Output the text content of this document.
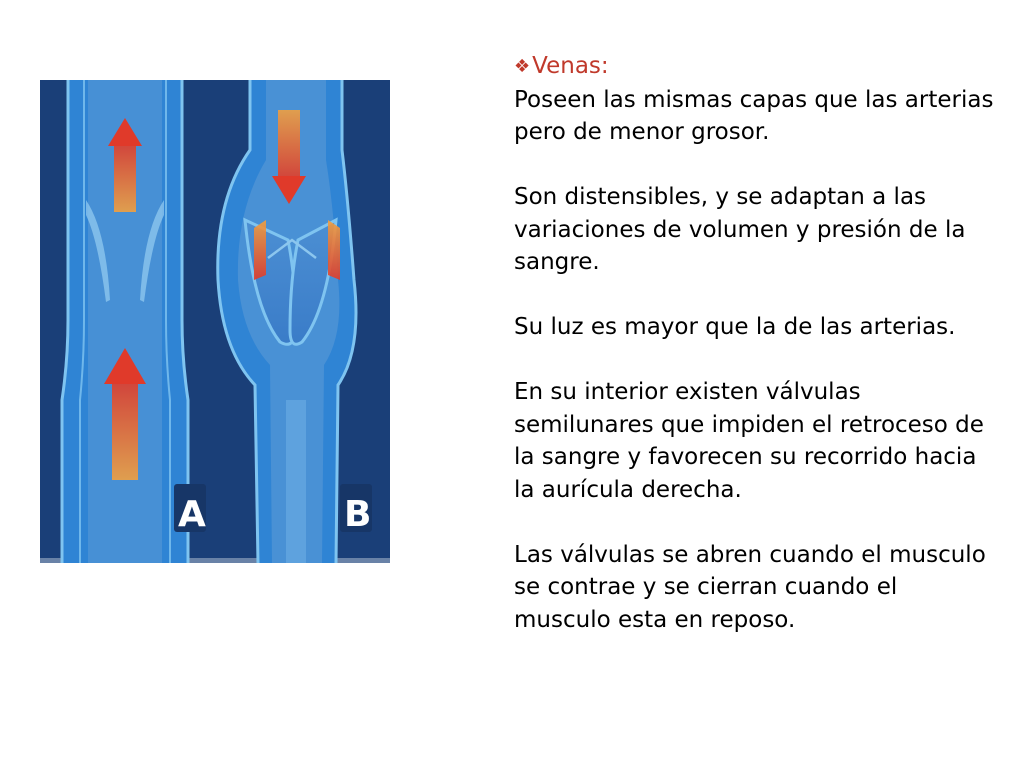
A	B

❖Venas:

Poseen las mismas capas que las arterias pero de menor grosor.

Son distensibles, y se adaptan a las variaciones de volumen y presión de la sangre.

Su luz es mayor que la de las arterias.

En su interior existen válvulas semilunares que impiden el retroceso de la sangre y favorecen su recorrido hacia la aurícula derecha.

Las válvulas se abren cuando el musculo se contrae y se cierran cuando el musculo esta en reposo.
